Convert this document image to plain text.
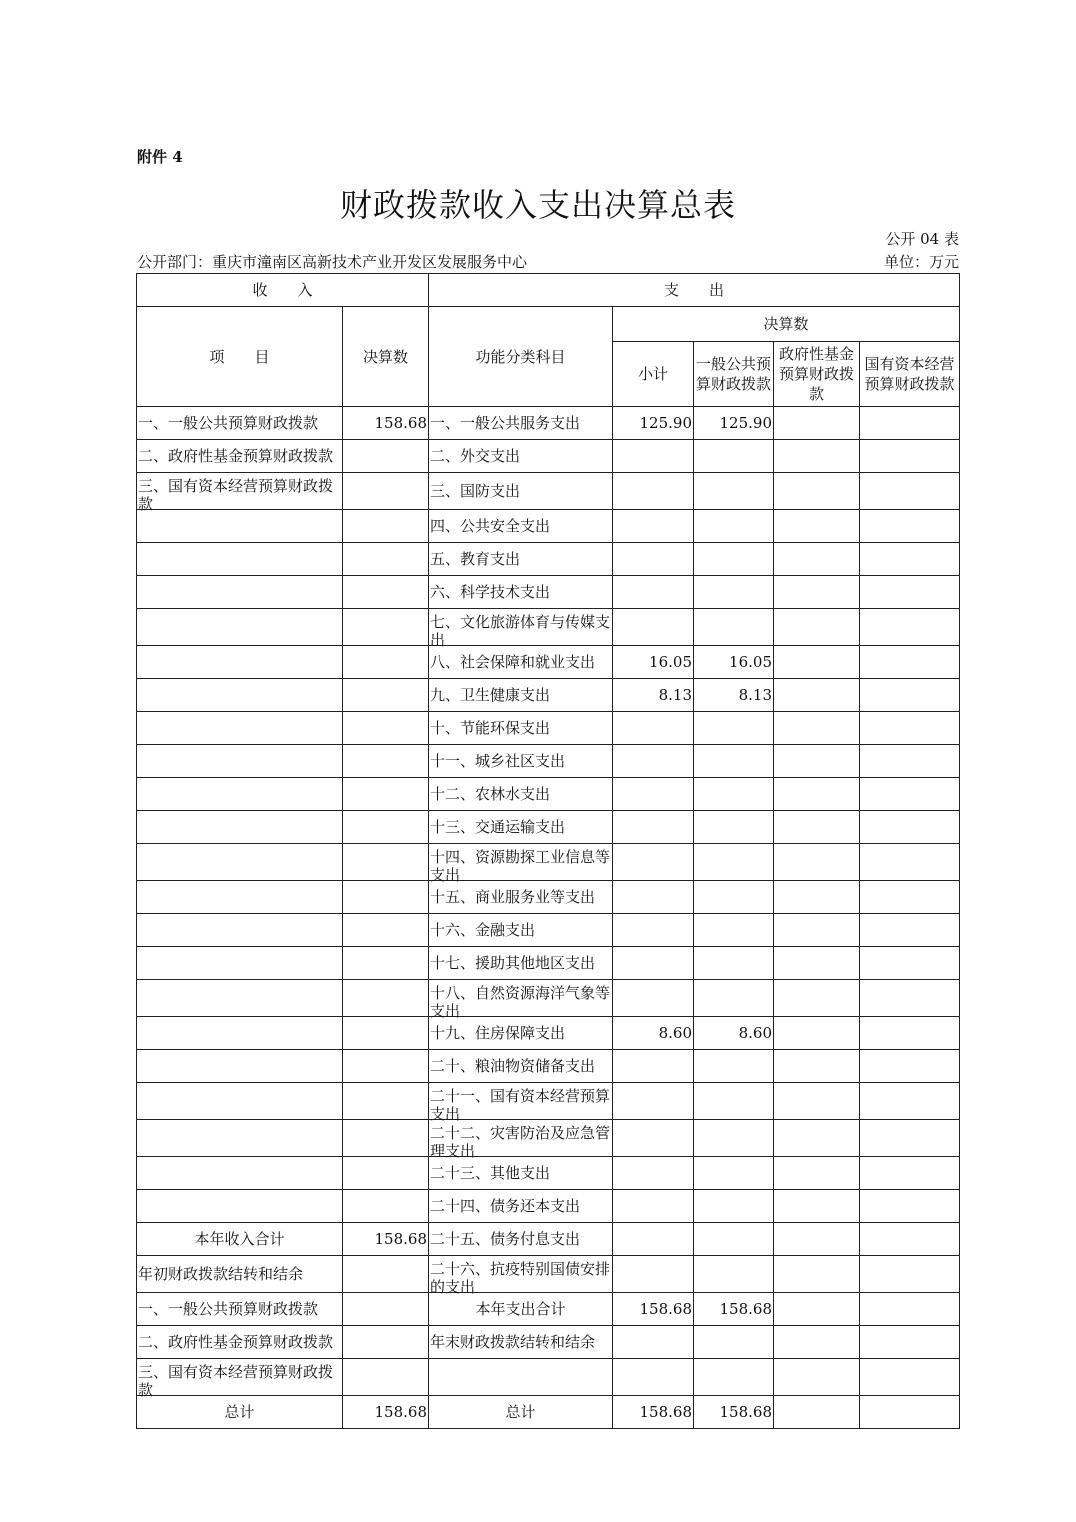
附件 4
财政拨款收入支出决算总表
公开 04 表
公开部门：重庆市潼南区高新技术产业开发区发展服务中心	单位：万元
收　　入		支　　出				
项　　目	决算数	功能分类科目	决算数			
			小计	一般公共预算财政拨款	政府性基金预算财政拨款	国有资本经营预算财政拨款
一、一般公共预算财政拨款	158.68	一、一般公共服务支出	125.90	125.90		
二、政府性基金预算财政拨款		二、外交支出				

三、国有资本经营预算财政拨款		三、国防支出				
		四、公共安全支出				
		五、教育支出				
		六、科学技术支出				

		七、文化旅游体育与传媒支出				

		八、社会保障和就业支出	16.05	16.05		
		九、卫生健康支出	8.13	8.13		
		十、节能环保支出				
		十一、城乡社区支出				
		十二、农林水支出				
		十三、交通运输支出				

		十四、资源勘探工业信息等支出				

		十五、商业服务业等支出				
		十六、金融支出				
		十七、援助其他地区支出				

		十八、自然资源海洋气象等支出				

		十九、住房保障支出	8.60	8.60		
		二十、粮油物资储备支出				

		二十一、国有资本经营预算支出				

		二十二、灾害防治及应急管理支出				

		二十三、其他支出				
		二十四、债务还本支出				
本年收入合计	158.68	二十五、债务付息支出				
年初财政拨款结转和结余		二十六、抗疫特别国债安排的支出				

一、一般公共预算财政拨款		本年支出合计	158.68	158.68		
二、政府性基金预算财政拨款		年末财政拨款结转和结余				

三、国有资本经营预算财政拨款						

总计	158.68	总计	158.68	158.68		
